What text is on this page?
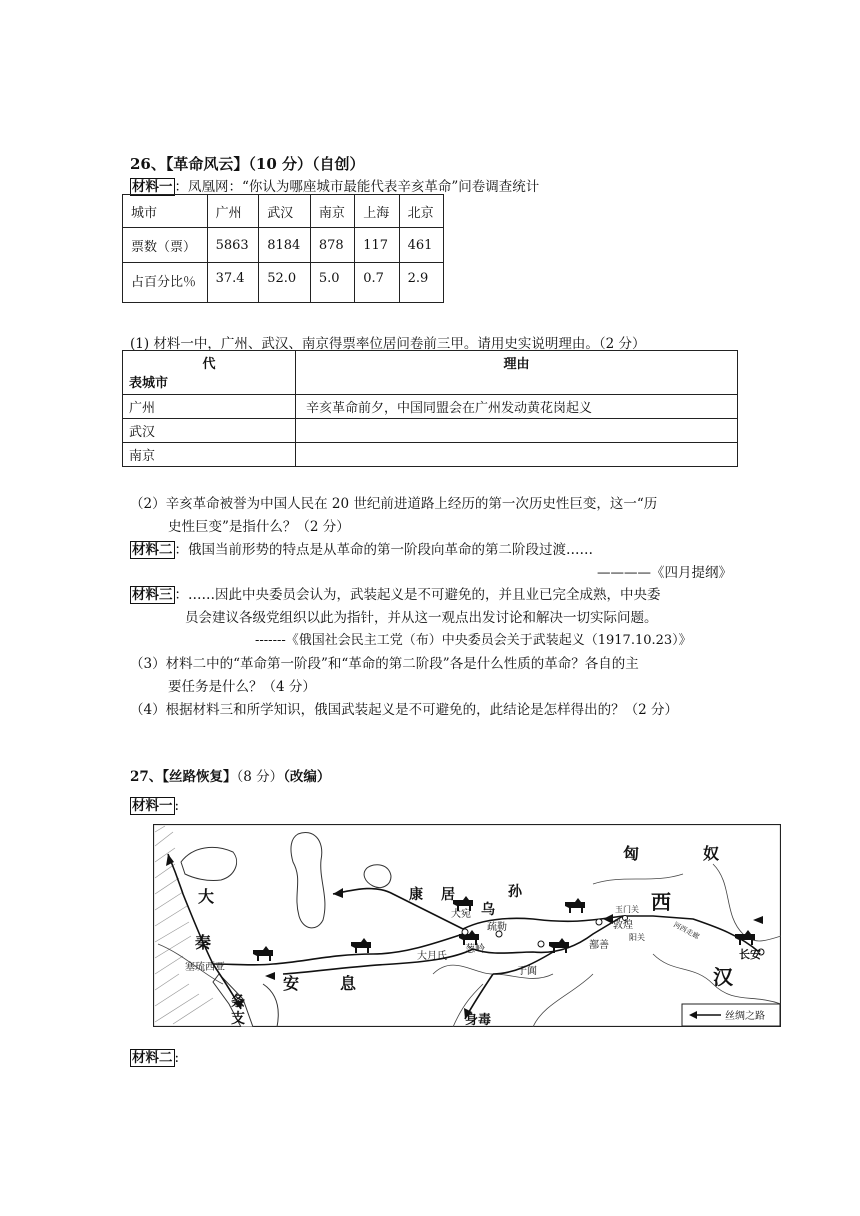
26、【革命风云】（10 分）（自创）
材料一 ：凤凰网：“你认为哪座城市最能代表辛亥革命”问卷调查统计
城市	广州	武汉	南京	上海	北京
票数（票）	5863	8184	878	117	461
占百分比％	37.4	52.0	5.0	0.7	2.9
(1) 材料一中，广州、武汉、南京得票率位居问卷前三甲。请用史实说明理由。（2 分）
代
表城市	理由
广州	辛亥革命前夕，中国同盟会在广州发动黄花岗起义
武汉	
南京	
（2）辛亥革命被誉为中国人民在 20 世纪前进道路上经历的第一次历史性巨变，这一“历
史性巨变”是指什么？（2 分）
材料二 ：俄国当前形势的特点是从革命的第一阶段向革命的第二阶段过渡……
————《四月提纲》
材料三 ：……因此中央委员会认为，武装起义是不可避免的，并且业已完全成熟，中央委
员会建议各级党组织以此为指针，并从这一观点出发讨论和解决一切实际问题。
-------《俄国社会民主工党（布）中央委员会关于武装起义（1917.10.23）》
（3）材料二中的“革命第一阶段”和“革命的第二阶段”各是什么性质的革命？各自的主
要任务是什么？（4 分）
（4）根据材料三和所学知识，俄国武装起义是不可避免的，此结论是怎样得出的？（2 分）
27、【丝路恢复】（8 分）（改编）
材料一 :
匈	奴
大
秦
康 居
乌
孙	西
汉
安	息
条
支	身毒
大宛
疏勒
葱岭
大月氏
于阗
鄯善
敦煌
玉门关
阳关	河西走廊
长安
塞琉西亚
丝绸之路
材料二 :
